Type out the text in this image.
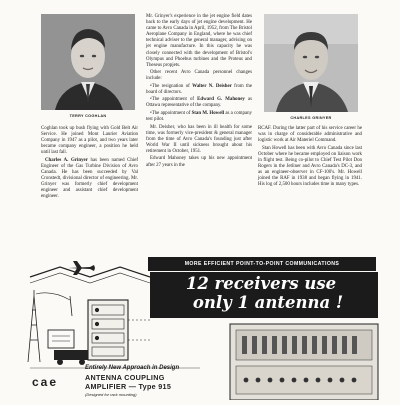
TERRY COGHLAN	CHARLES GRINYER

Coghlan took up bush flying with Gold Belt Air Service. He joined Mont Laurier Aviation Company in 1947 as a pilot, and two years later became company engineer, a position he held until last fall.

Charles A. Grinyer has been named Chief Engineer of the Gas Turbine Division of Avro Canada. He has been succeeded by Val Cronstedt, divisional director of engineering. Mr. Grinyer was formerly chief development engineer and assistant chief development engineer.

Mr. Grinyer's experience in the jet engine field dates back to the early days of jet engine development. He came to Avro Canada in April, 1952, from The Bristol Aeroplane Company in England, where he was chief technical adviser to the general manager, advising on jet engine manufacture. In this capacity he was closely connected with the development of Bristol's Olympus and Phoebus turbines and the Proteus and Theseus propjets.

Other recent Avro Canada personnel changes include:

•The resignation of Walter N. Deisher from the board of directors.

•The appointment of Edward G. Mahoney as Ottawa representative of the company.

•The appointment of Stan M. Howell as a company test pilot.

Mr. Deisher, who has been in ill health for some time, was formerly vice-president & general manager from the time of Avro Canada's founding just after World War II until sickness brought about his retirement in October, 1951.

Edward Mahoney takes up his new appointment after 27 years in the

RCAF. During the latter part of his service career he was in charge of considerable administrative and logistic work at Air Materiel Command.

Stan Howell has been with Avro Canada since last October where he became employed on liaison work in flight test. Being co-pilot to Chief Test Pilot Don Rogers in the Jetliner and Avro Canada's DC-3, and as an engineer-observer in CF-100's. Mr. Howell joined the RAF in 1938 and began flying in 1941. His log of 2,500 hours includes time in many types.

MORE EFFICIENT POINT-TO-POINT COMMUNICATIONS
12 receivers use

only 1 antenna !
cae
Entirely New Approach in Design
ANTENNA COUPLING
AMPLIFIER — Type 915
(Designed for rack mounting)
